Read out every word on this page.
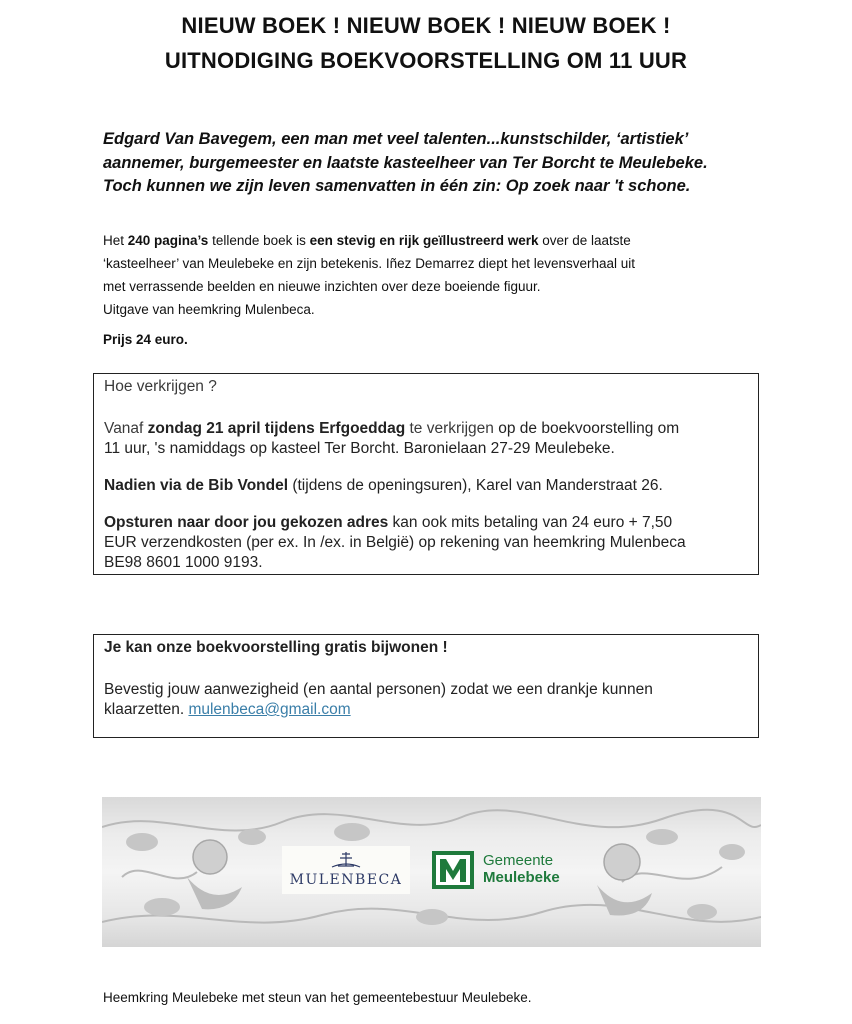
NIEUW BOEK ! NIEUW BOEK ! NIEUW BOEK !
UITNODIGING BOEKVOORSTELLING OM 11 UUR
Edgard Van Bavegem, een man met veel talenten...kunstschilder, ‘artistiek’
aannemer, burgemeester en laatste kasteelheer van Ter Borcht te Meulebeke.
Toch kunnen we zijn leven samenvatten in één zin: Op zoek naar 't schone.
Het 240 pagina’s tellende boek is een stevig en rijk geïllustreerd werk over de laatste
‘kasteelheer’ van Meulebeke en zijn betekenis. Iñez Demarrez diept het levensverhaal uit
met verrassende beelden en nieuwe inzichten over deze boeiende figuur.
Uitgave van heemkring Mulenbeca.
Prijs 24 euro.

Hoe verkrijgen ?

Vanaf zondag 21 april tijdens Erfgoeddag te verkrijgen op de boekvoorstelling om
11 uur, 's namiddags op kasteel Ter Borcht. Baronielaan 27-29 Meulebeke.

Nadien via de Bib Vondel (tijdens de openingsuren), Karel van Manderstraat 26.

Opsturen naar door jou gekozen adres kan ook mits betaling van 24 euro + 7,50
EUR verzendkosten (per ex. In /ex. in België) op rekening van heemkring Mulenbeca
BE98 8601 1000 9193.

Je kan onze boekvoorstelling gratis bijwonen !

Bevestig jouw aanwezigheid (en aantal personen) zodat we een drankje kunnen
klaarzetten. mulenbeca@gmail.com

MULENBECA
Gemeente
Meulebeke
Heemkring Meulebeke met steun van het gemeentebestuur Meulebeke.
